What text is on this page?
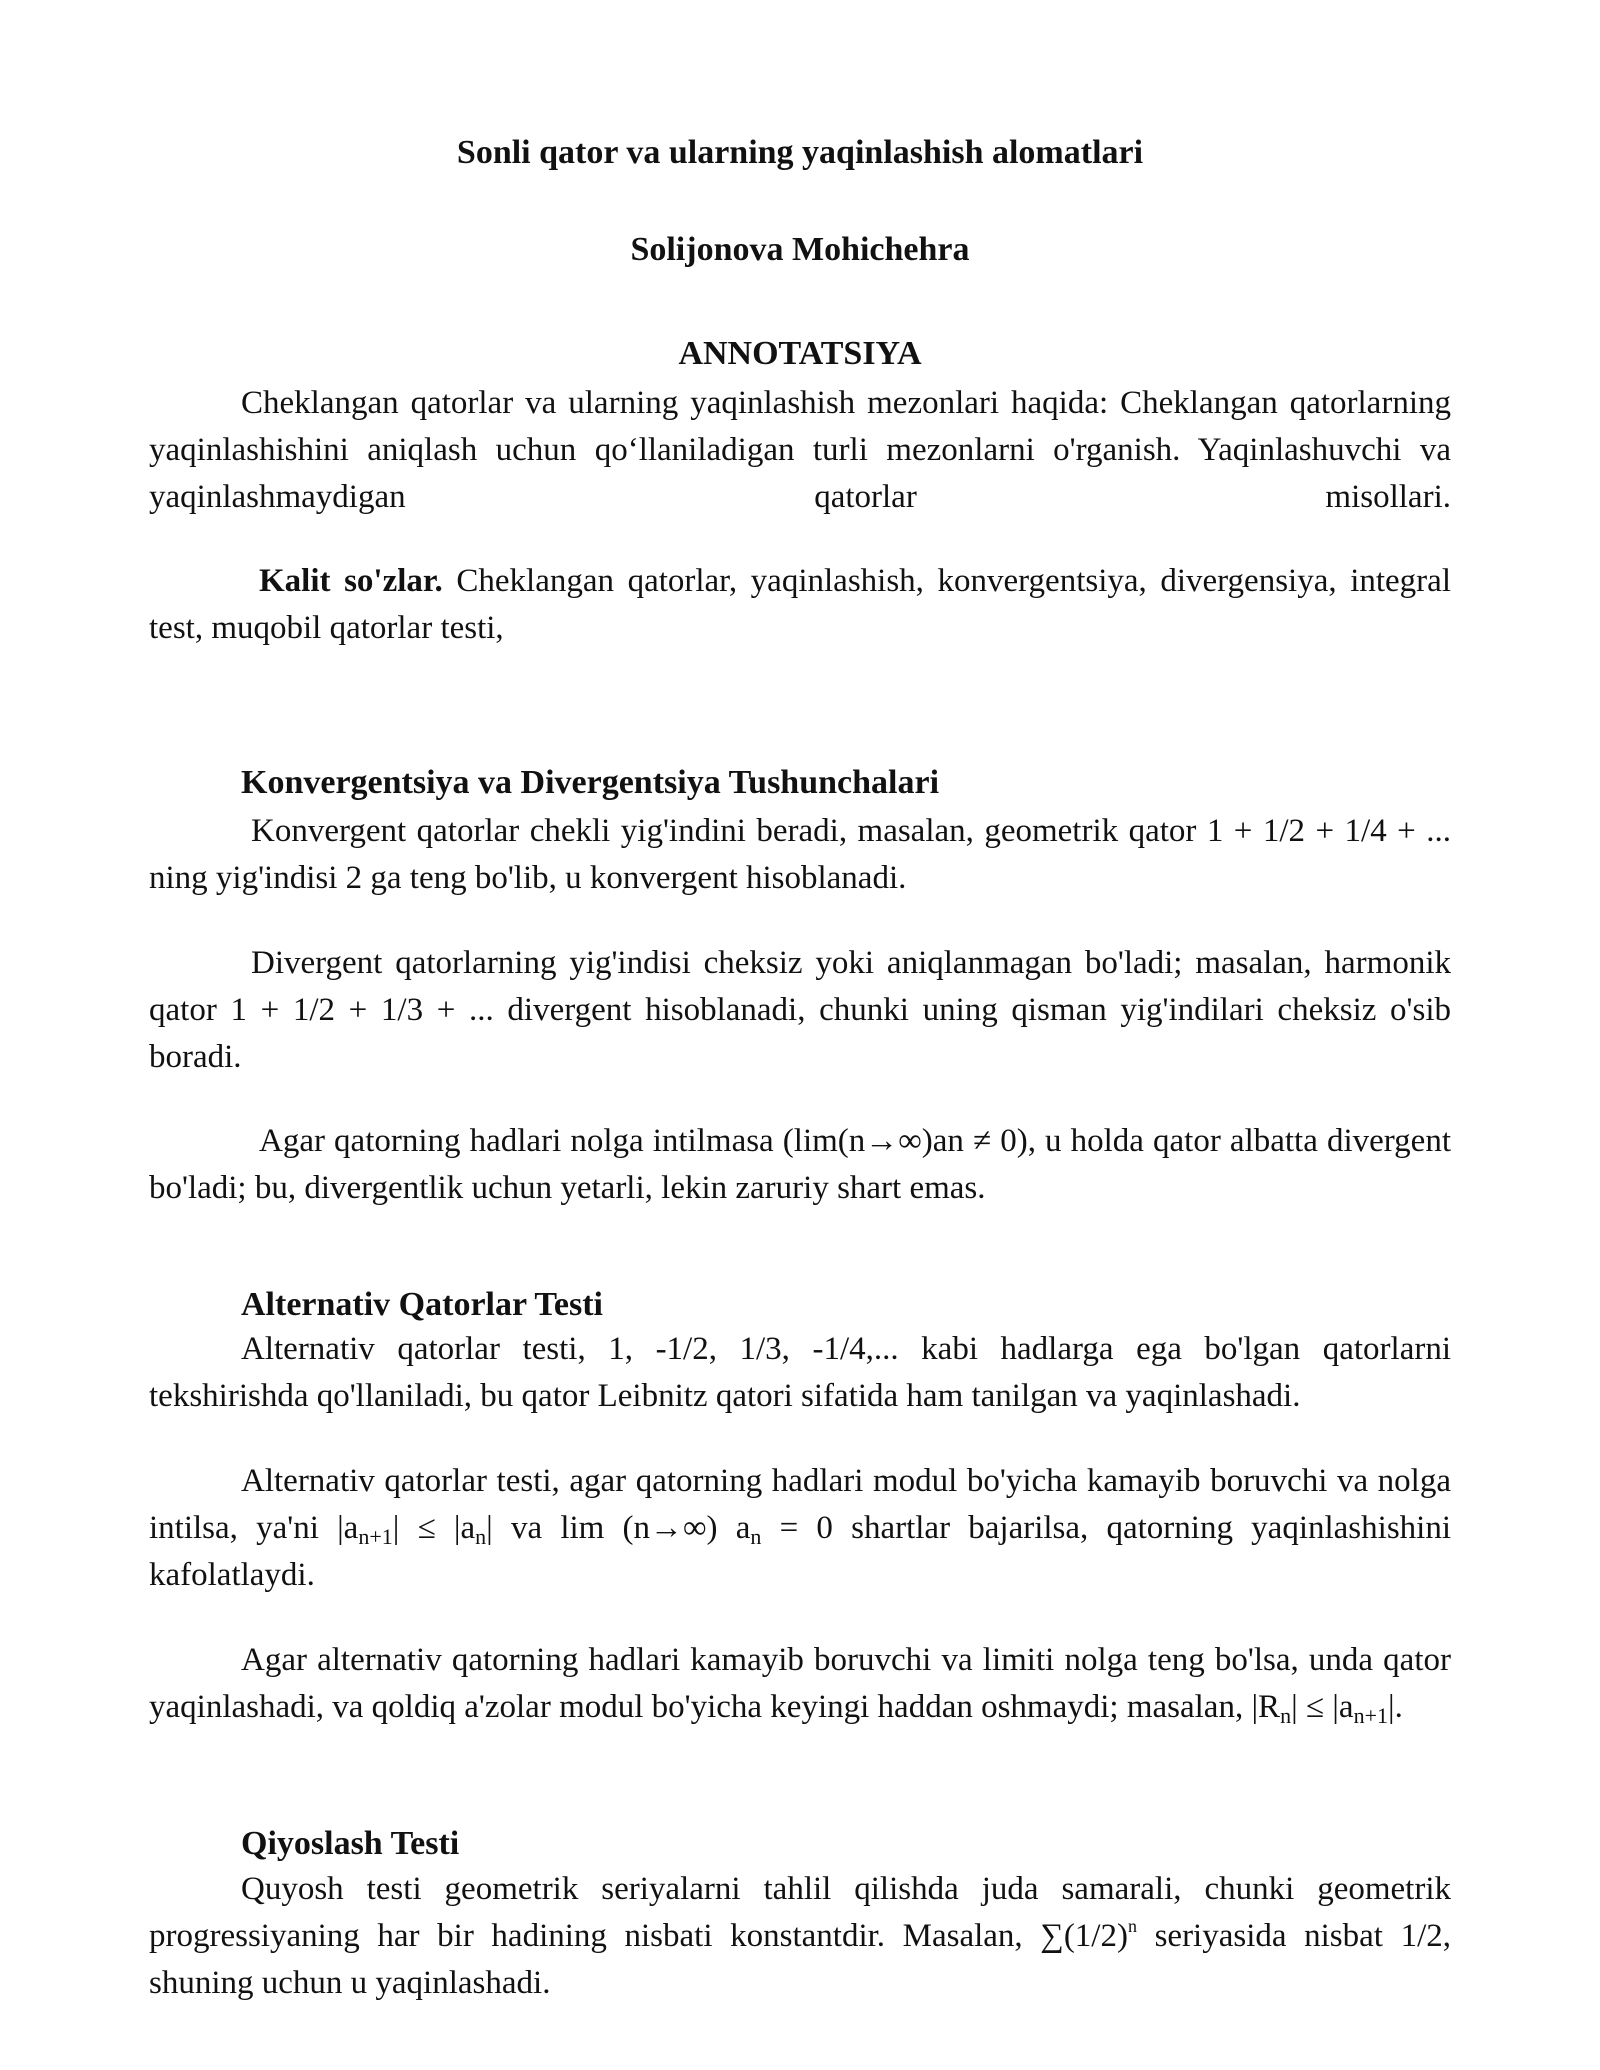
Sonli qator va ularning yaqinlashish alomatlari
Solijonova Mohichehra
ANNOTATSIYA
Cheklangan qatorlar va ularning yaqinlashish mezonlari haqida: Cheklangan qatorlarning yaqinlashishini aniqlash uchun qo‘llaniladigan turli mezonlarni o'rganish. Yaqinlashuvchi va yaqinlashmaydigan qatorlar misollari.
Kalit so'zlar. Cheklangan qatorlar, yaqinlashish, konvergentsiya, divergensiya, integral test, muqobil qatorlar testi,
Konvergentsiya va Divergentsiya Tushunchalari
Konvergent qatorlar chekli yig'indini beradi, masalan, geometrik qator 1 + 1/2 + 1/4 + ... ning yig'indisi 2 ga teng bo'lib, u konvergent hisoblanadi.
Divergent qatorlarning yig'indisi cheksiz yoki aniqlanmagan bo'ladi; masalan, harmonik qator 1 + 1/2 + 1/3 + ... divergent hisoblanadi, chunki uning qisman yig'indilari cheksiz o'sib boradi.
Agar qatorning hadlari nolga intilmasa (lim(n→∞)an ≠ 0), u holda qator albatta divergent bo'ladi; bu, divergentlik uchun yetarli, lekin zaruriy shart emas.
Alternativ Qatorlar Testi
Alternativ qatorlar testi, 1, -1/2, 1/3, -1/4,... kabi hadlarga ega bo'lgan qatorlarni tekshirishda qo'llaniladi, bu qator Leibnitz qatori sifatida ham tanilgan va yaqinlashadi.
Alternativ qatorlar testi, agar qatorning hadlari modul bo'yicha kamayib boruvchi va nolga intilsa, ya'ni $|a_{n+1}| \le |a_n|$ va lim (n→∞) $a_n = 0$ shartlar bajarilsa, qatorning yaqinlashishini kafolatlaydi.
Agar alternativ qatorning hadlari kamayib boruvchi va limiti nolga teng bo'lsa, unda qator yaqinlashadi, va qoldiq a'zolar modul bo'yicha keyingi haddan oshmaydi; masalan, $|R_n| \le |a_{n+1}|$.
Qiyoslash Testi
Quyosh testi geometrik seriyalarni tahlil qilishda juda samarali, chunki geometrik progressiyaning har bir hadining nisbati konstantdir. Masalan, $\sum(1/2)^n$ seriyasida nisbat 1/2, shuning uchun u yaqinlashadi.
